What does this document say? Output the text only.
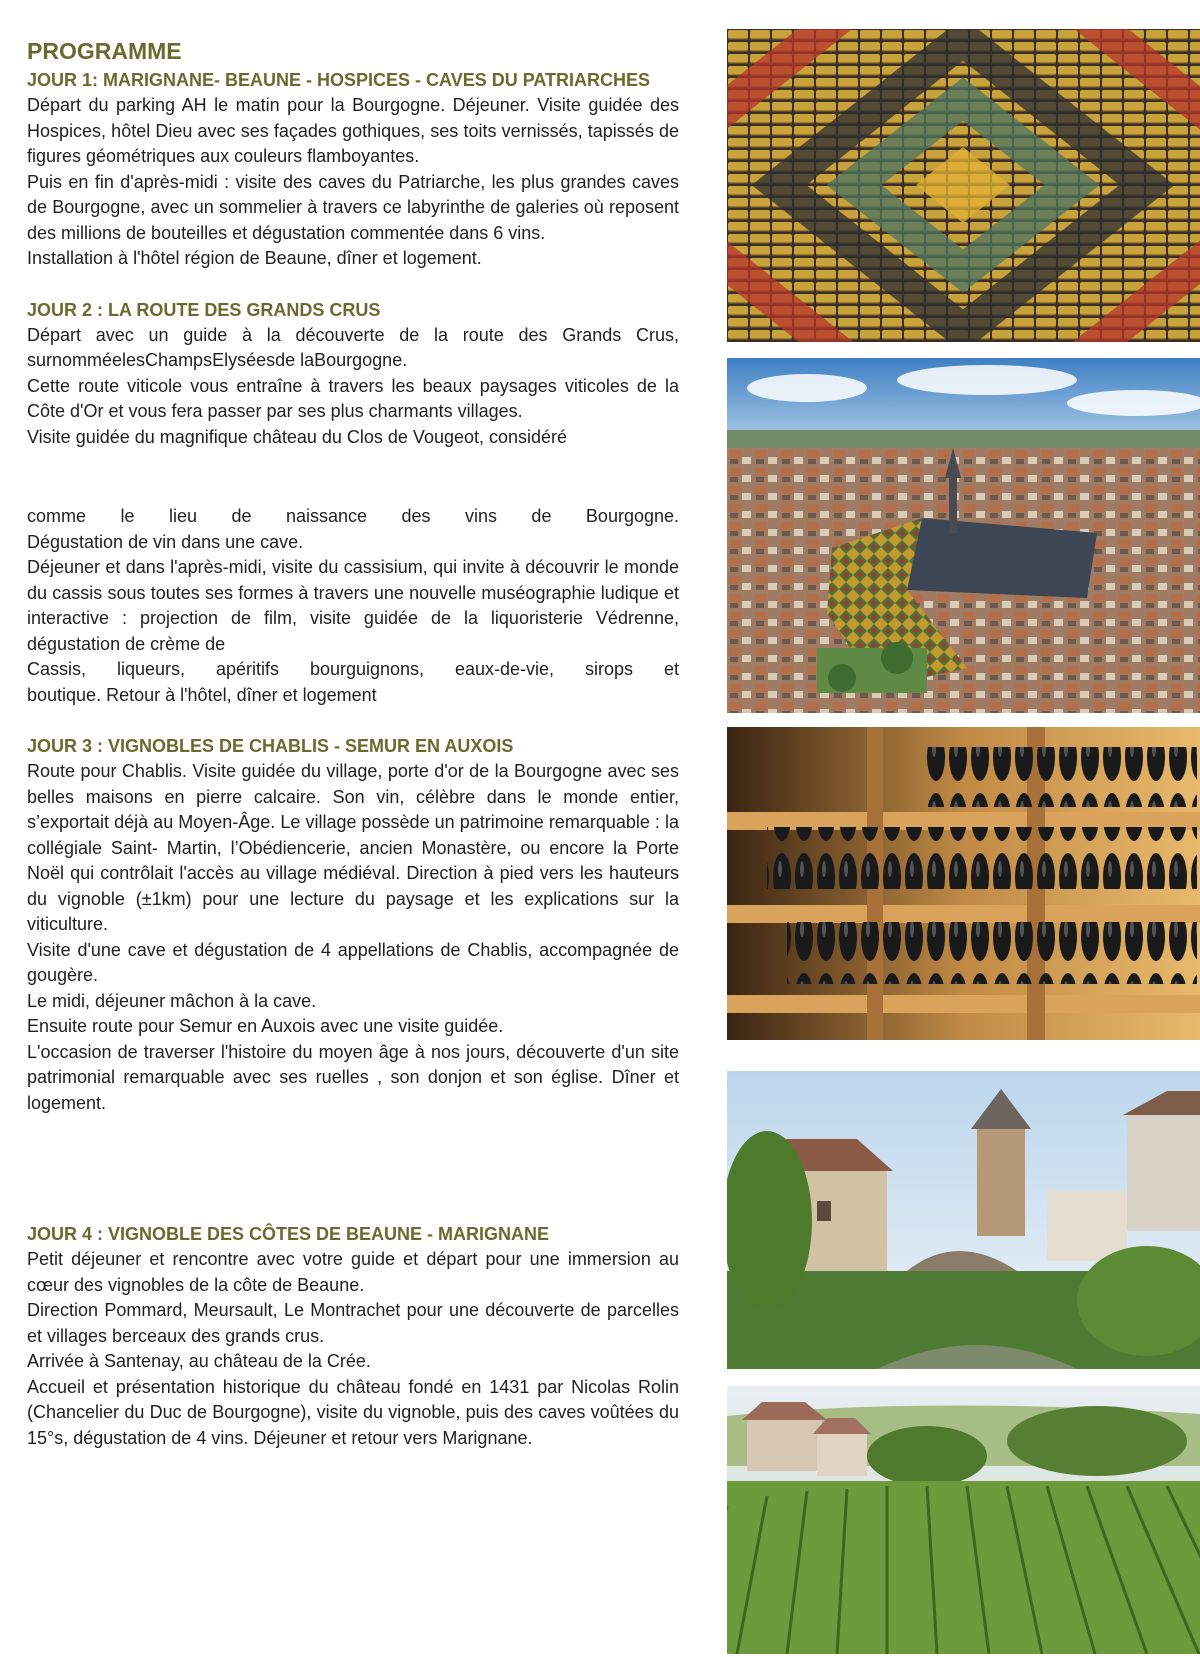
PROGRAMME
JOUR 1: MARIGNANE- BEAUNE - HOSPICES - CAVES DU PATRIARCHES

Départ du parking AH le matin pour la Bourgogne. Déjeuner. Visite guidée des Hospices, hôtel Dieu avec ses façades gothiques, ses toits vernissés, tapissés de figures géométriques aux couleurs flamboyantes.

Puis en fin d'après-midi : visite des caves du Patriarche, les plus grandes caves de Bourgogne, avec un sommelier à travers ce labyrinthe de galeries où reposent des millions de bouteilles et dégustation commentée dans 6 vins.

Installation à l'hôtel région de Beaune, dîner et logement.

JOUR 2 : LA ROUTE DES GRANDS CRUS

Départ avec un guide à la découverte de la route des Grands Crus, surnomméelesChampsElyséesde laBourgogne.

Cette route viticole vous entraîne à travers les beaux paysages viticoles de la Côte d'Or et vous fera passer par ses plus charmants villages.

Visite guidée du magnifique château du Clos de Vougeot, considéré

comme le lieu de naissance des vins de Bourgogne.

Dégustation de vin dans une cave.

Déjeuner et dans l'après-midi, visite du cassisium, qui invite à découvrir le monde du cassis sous toutes ses formes à travers une nouvelle muséographie ludique et interactive : projection de film, visite guidée de la liquoristerie Védrenne, dégustation de crème de

Cassis, liqueurs, apéritifs bourguignons, eaux-de-vie, sirops et

boutique. Retour à l'hôtel, dîner et logement

JOUR 3 : VIGNOBLES DE CHABLIS - SEMUR EN AUXOIS

Route pour Chablis. Visite guidée du village, porte d'or de la Bourgogne avec ses belles maisons en pierre calcaire. Son vin, célèbre dans le monde entier, s’exportait déjà au Moyen-Âge. Le village possède un patrimoine remarquable : la collégiale Saint- Martin, l’Obédiencerie, ancien Monastère, ou encore la Porte Noël qui contrôlait l'accès au village médiéval. Direction à pied vers les hauteurs du vignoble (±1km) pour une lecture du paysage et les explications sur la viticulture.

Visite d'une cave et dégustation de 4 appellations de Chablis, accompagnée de gougère.

Le midi, déjeuner mâchon à la cave.

Ensuite route pour Semur en Auxois avec une visite guidée.

L'occasion de traverser l'histoire du moyen âge à nos jours, découverte d'un site patrimonial remarquable avec ses ruelles , son donjon et son église. Dîner et logement.

JOUR 4 : VIGNOBLE DES CÔTES DE BEAUNE - MARIGNANE

Petit déjeuner et rencontre avec votre guide et départ pour une immersion au cœur des vignobles de la côte de Beaune.

Direction Pommard, Meursault, Le Montrachet pour une découverte de parcelles et villages berceaux des grands crus.

Arrivée à Santenay, au château de la Crée.

Accueil et présentation historique du château fondé en 1431 par Nicolas Rolin (Chancelier du Duc de Bourgogne), visite du vignoble, puis des caves voûtées du 15°s, dégustation de 4 vins. Déjeuner et retour vers Marignane.
